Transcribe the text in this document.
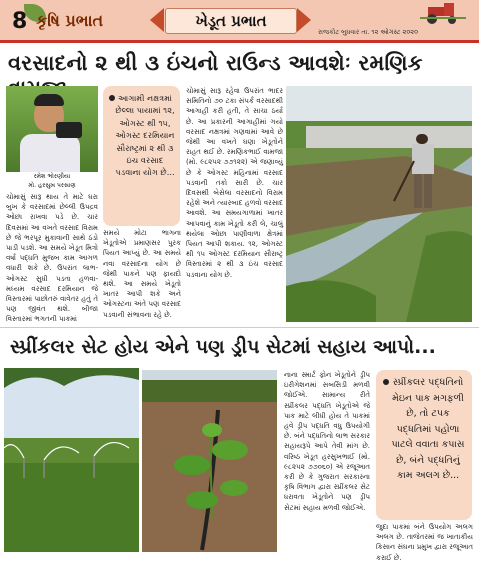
8 કૃષિ પ્રભાત	ખેડૂત પ્રભાત
રાજકોટ બુધવાર તા. ૧૨ ઓગસ્ટ ૨૦૨૦
વરસાદનો ૨ થી ૩ ઇંચનો રાઉન્ડ આવશેઃ રમણિક
રમેશ ભોરણીયા
મો. હરસુખ પરસાણ
આગામી નક્ષત્રમાં છેલ્લા પાયામાં ૧૨, ઓગસ્ટ થી ૧૫, ઓગસ્ટ દરમિયાન સૌરાષ્ટ્રમાં ૨ થી ૩ ઇંચ વરસાદ પડવાના યોગ છે...
ચોમાસું સારૂ થાય તે માટે ઘરા બુખ કે વરસાદમાં છેલ્લી ઉપદ્રવ ઓછા રાખવા પડે છે. ચાર દિવસમાં આ વખતે વરસાદ વિરામ છે જે ભરપૂર મુકાવાની સાથે ઠંડો પાડી પડશે. આ સમયે ખેડૂત મિત્રો વર્ષા પદ્ધતિ મુજબ કામ આગળ વધારી શકે છે. ઉપરાંત લાભ-ઓગસ્ટ સુધી પડતા હળવા-મધ્યમ વરસાદ દરમિયાન જે વિસ્તારમાં પાછોતરું વાવેતર હતું તે પણ જીવંત થશે. બીજા વિસ્તારમાં ભગતની પાકમાં
ચોમાસું સારૂ રહેવા ઉપરાંત ભાદર સમિતિનો ૭૦ ટકા સંપર્ક વરસાદથી આગાહી કરી હતી, તે સાચા ઠર્યા છે. આ પ્રકારની આગાહીમાં ગયો વરસાદ નક્ષત્રમાં ગણવામાં આવે છે જેથી આ વખતે ઘણા ખેડૂતોને રાહત થઈ છે. રમણિકભાઈ વામજા (મો. ૯૮૨૫૨ ૭૭૧૨૨) એ જણાવ્યું છે કે ઓગસ્ટ મહિનામાં વરસાદ પડવાની તકો સારી છે. ચાર દિવસથી બેસેલા વરસાદનો વિરામ રહેશે અને ત્યારબાદ હળવો વરસાદ આવશે. આ સમયગાળામાં ખાતર આપવાનું કામ ખેડૂતો કરી લે, ચાલું થયેલા ઓછા પાણીવાળા ક્ષેત્રમાં પિયત આપી શકાય. ૧૨, ઓગસ્ટ થી ૧૫ ઓગસ્ટ દરમિયાન સૌરાષ્ટ્ર વિસ્તારમાં ૨ થી ૩ ઇંચ વરસાદ પડવાના યોગ છે.
સમયે મોટા ભાગના ખેડૂતોએ પ્રમાણસર પુરક પિયત આપ્યું છે. આ સમયે નવા વરસાદના યોગ છે જેથી પાકને પણ ફાયદો થશે. આ સમયે ખેડૂતો ખાતર આપી શકે અને ઓગસ્ટના અંતે પણ વરસાદ પડવાની સંભાવના રહે છે.
સ્પ્રીંકલર સેટ હોય એને પણ ડ્રીપ સેટમાં સહાય આપો...
નાના સ્માર્ટ ફોન ખેડૂતોને ડ્રીપ ઇરીગેશનમાં સબસિડી મળવી જોઈએ. સામાન્ય રીતે સ્પ્રીંકલર પદ્ધતિ ખેડૂતોએ જે પાક માટે લીધી હોય તે પાકમાં હવે ડ્રીપ પદ્ધતિ વધુ ઉપયોગી છે. બંને પદ્ધતિનો લાભ સરકાર સહાયરૂપે આપે તેવી માંગ છે. વરિષ્ઠ ખેડૂત હરસુખભાઈ (મો. ૯૮૨૫૨ ૭૭૦૬૦) એ રજૂઆત કરી છે કે ગુજરાત સરકારના કૃષિ વિભાગ દ્વારા સ્પ્રીંકલર સેટ ધરાવતા ખેડૂતોને પણ ડ્રીપ સેટમાં સહાય મળવી જોઈએ.
સ્પ્રીંકલર પદ્ધતિનો મેઇન પાક મગફળી છે, તો ટપક પદ્ધતિમાં પહોળા પાટલે વવાતા કપાસ છે, બંને પદ્ધતિનું કામ અલગ છે...
જુદા પાકમાં બંને ઉપયોગ અલગ અલગ છે. તાજેતરમાં જ ખાતાકીય કિસાન સંઘના પ્રમુખ દ્વારા રજૂઆત કરાઈ છે.
